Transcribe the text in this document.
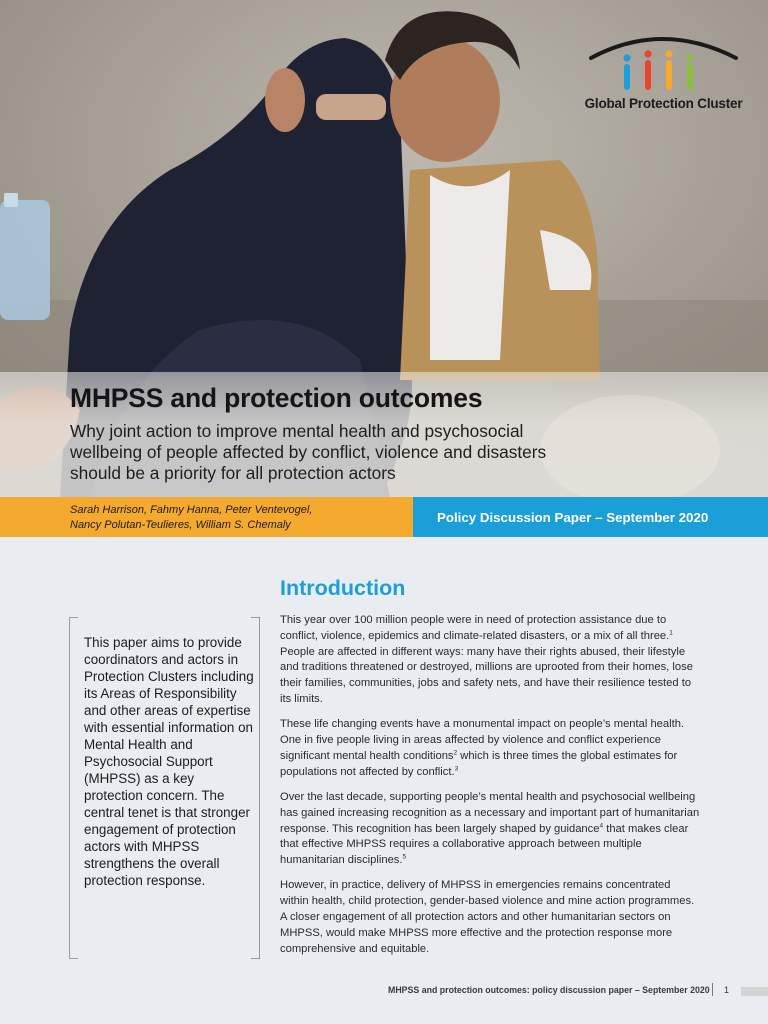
Global Protection Cluster
MHPSS and protection outcomes
Why joint action to improve mental health and psychosocial wellbeing of people affected by conflict, violence and disasters should be a priority for all protection actors
Sarah Harrison, Fahmy Hanna, Peter Ventevogel,
Nancy Polutan-Teulieres, William S. Chemaly
Policy Discussion Paper – September 2020
This paper aims to provide coordinators and actors in Protection Clusters including its Areas of Responsibility and other areas of expertise with essential information on Mental Health and Psychosocial Support (MHPSS) as a key protection concern. The central tenet is that stronger engagement of protection actors with MHPSS strengthens the overall protection response.
Introduction

This year over 100 million people were in need of protection assistance due to conflict, violence, epidemics and climate-related disasters, or a mix of all three.$^1$ People are affected in different ways: many have their rights abused, their lifestyle and traditions threatened or destroyed, millions are uprooted from their homes, lose their families, communities, jobs and safety nets, and have their resilience tested to its limits.

These life changing events have a monumental impact on people’s mental health. One in five people living in areas affected by violence and conflict experience significant mental health conditions$^2$ which is three times the global estimates for populations not affected by conflict.$^3$

Over the last decade, supporting people’s mental health and psychosocial wellbeing has gained increasing recognition as a necessary and important part of humanitarian response. This recognition has been largely shaped by guidance$^4$ that makes clear that effective MHPSS requires a collaborative approach between multiple humanitarian disciplines.$^5$

However, in practice, delivery of MHPSS in emergencies remains concentrated within health, child protection, gender-based violence and mine action programmes. A closer engagement of all protection actors and other humanitarian sectors on MHPSS, would make MHPSS more effective and the protection response more comprehensive and equitable.

MHPSS and protection outcomes: policy discussion paper – September 2020 1
